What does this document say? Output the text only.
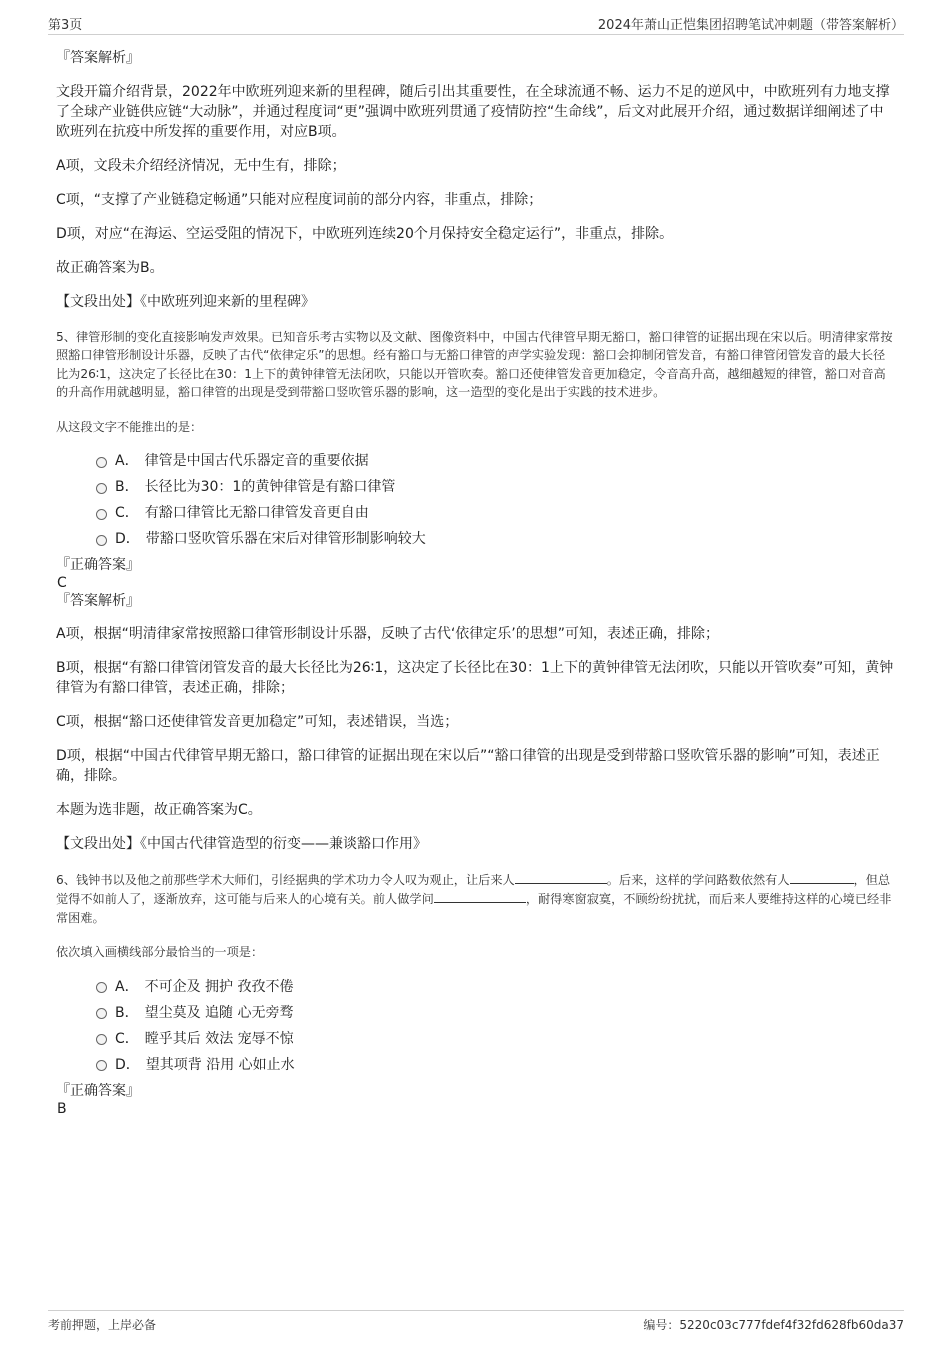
第3页	2024年萧山正恺集团招聘笔试冲刺题（带答案解析）

『答案解析』

文段开篇介绍背景，2022年中欧班列迎来新的里程碑，随后引出其重要性，在全球流通不畅、运力不足的逆风中，中欧班列有力地支撑了全球产业链供应链“大动脉”，并通过程度词“更”强调中欧班列贯通了疫情防控“生命线”，后文对此展开介绍，通过数据详细阐述了中欧班列在抗疫中所发挥的重要作用，对应B项。

A项，文段未介绍经济情况，无中生有，排除；

C项，“支撑了产业链稳定畅通”只能对应程度词前的部分内容，非重点，排除；

D项，对应“在海运、空运受阻的情况下，中欧班列连续20个月保持安全稳定运行”，非重点，排除。

故正确答案为B。

【文段出处】《中欧班列迎来新的里程碑》

5、律管形制的变化直接影响发声效果。已知音乐考古实物以及文献、图像资料中，中国古代律管早期无豁口，豁口律管的证据出现在宋以后。明清律家常按照豁口律管形制设计乐器，反映了古代“依律定乐”的思想。经有豁口与无豁口律管的声学实验发现：豁口会抑制闭管发音，有豁口律管闭管发音的最大长径比为26∶1，这决定了长径比在30：1上下的黄钟律管无法闭吹，只能以开管吹奏。豁口还使律管发音更加稳定，令音高升高，越细越短的律管，豁口对音高的升高作用就越明显，豁口律管的出现是受到带豁口竖吹管乐器的影响，这一造型的变化是出于实践的技术进步。

从这段文字不能推出的是：

A． 律管是中国古代乐器定音的重要依据
B． 长径比为30：1的黄钟律管是有豁口律管
C． 有豁口律管比无豁口律管发音更自由
D． 带豁口竖吹管乐器在宋后对律管形制影响较大

『正确答案』

C

『答案解析』

A项，根据“明清律家常按照豁口律管形制设计乐器，反映了古代‘依律定乐’的思想”可知，表述正确，排除；

B项，根据“有豁口律管闭管发音的最大长径比为26∶1，这决定了长径比在30：1上下的黄钟律管无法闭吹，只能以开管吹奏”可知，黄钟律管为有豁口律管，表述正确，排除；

C项，根据“豁口还使律管发音更加稳定”可知，表述错误，当选；

D项，根据“中国古代律管早期无豁口，豁口律管的证据出现在宋以后”“豁口律管的出现是受到带豁口竖吹管乐器的影响”可知，表述正确，排除。

本题为选非题，故正确答案为C。

【文段出处】《中国古代律管造型的衍变——兼谈豁口作用》

6、钱钟书以及他之前那些学术大师们，引经据典的学术功力令人叹为观止，让后来人	。后来，这样的学问路数依然有人	，但总觉得不如前人了，逐渐放弃，这可能与后来人的心境有关。前人做学问	，耐得寒窗寂寞，不顾纷纷扰扰，而后来人要维持这样的心境已经非常困难。

依次填入画横线部分最恰当的一项是：

A． 不可企及 拥护 孜孜不倦
B． 望尘莫及 追随 心无旁骛
C． 瞠乎其后 效法 宠辱不惊
D． 望其项背 沿用 心如止水

『正确答案』

B

考前押题，上岸必备	编号：5220c03c777fdef4f32fd628fb60da37
